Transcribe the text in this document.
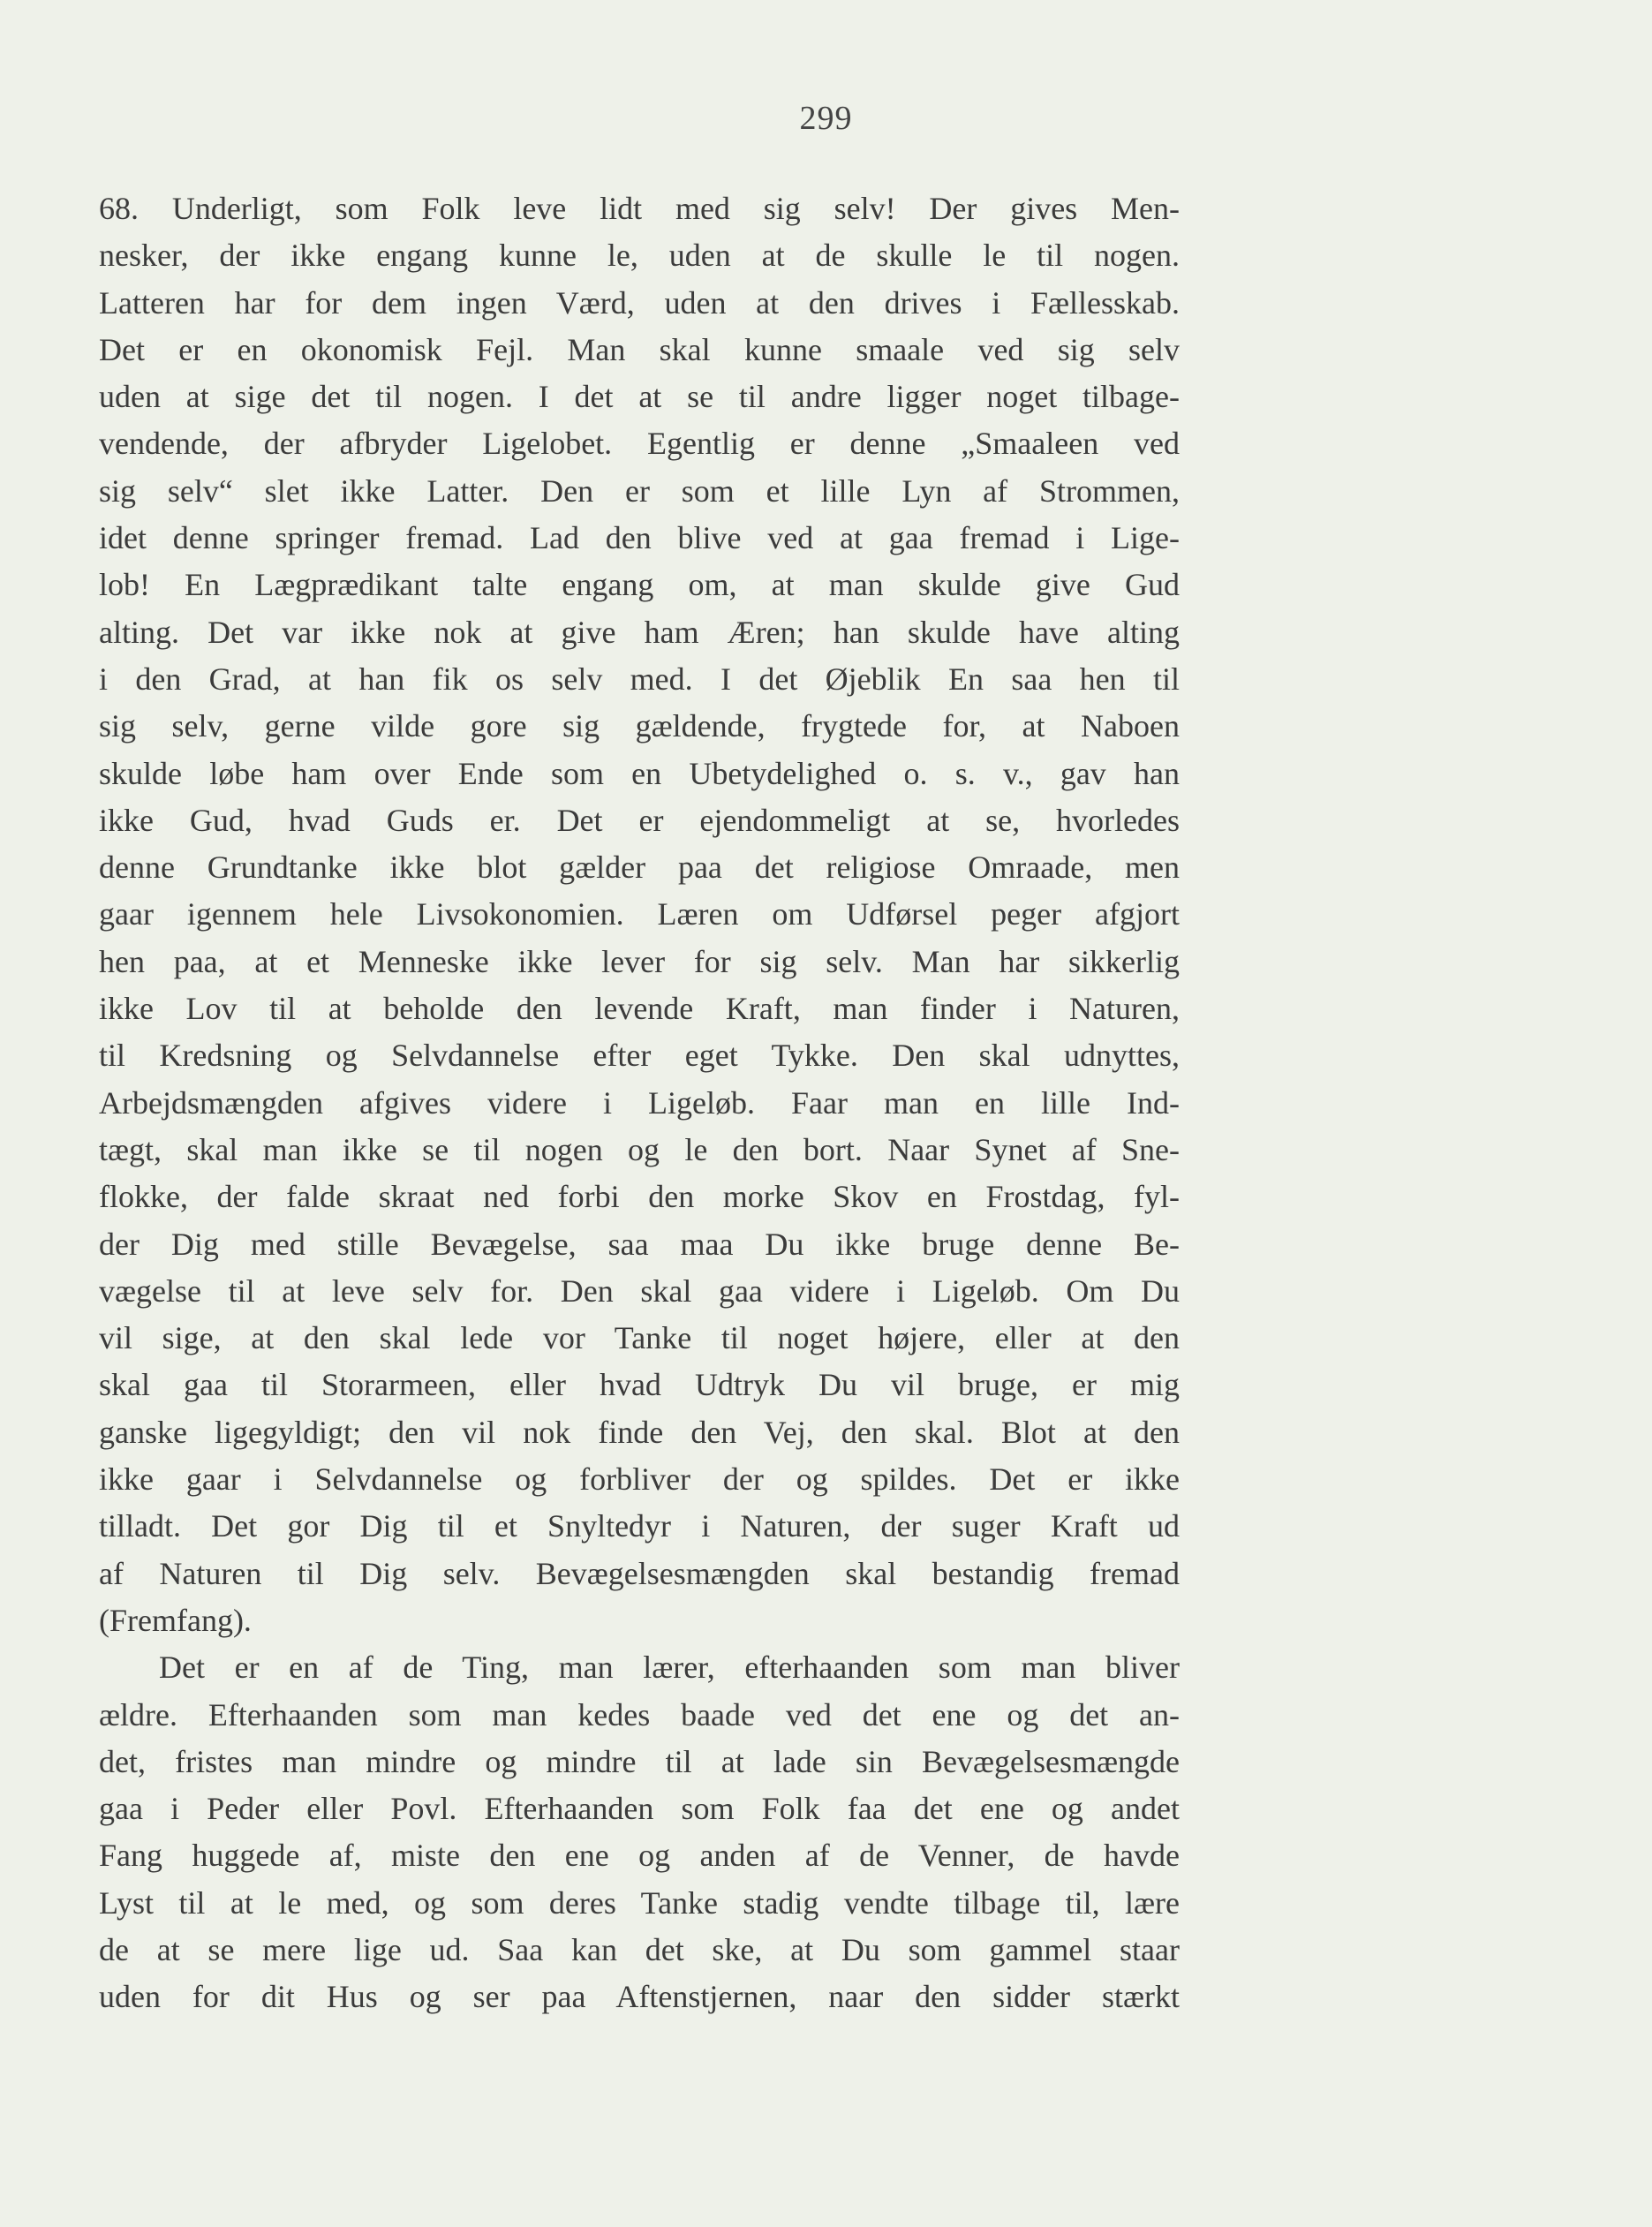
299
68. Underligt, som Folk leve lidt med sig selv! Der gives Men-
nesker, der ikke engang kunne le, uden at de skulle le til nogen.
Latteren har for dem ingen Værd, uden at den drives i Fællesskab.
Det er en okonomisk Fejl. Man skal kunne smaale ved sig selv
uden at sige det til nogen. I det at se til andre ligger noget tilbage-
vendende, der afbryder Ligelobet. Egentlig er denne „Smaaleen ved
sig selv“ slet ikke Latter. Den er som et lille Lyn af Strommen,
idet denne springer fremad. Lad den blive ved at gaa fremad i Lige-
lob! En Lægprædikant talte engang om, at man skulde give Gud
alting. Det var ikke nok at give ham Æren; han skulde have alting
i den Grad, at han fik os selv med. I det Øjeblik En saa hen til
sig selv, gerne vilde gore sig gældende, frygtede for, at Naboen
skulde løbe ham over Ende som en Ubetydelighed o. s. v., gav han
ikke Gud, hvad Guds er. Det er ejendommeligt at se, hvorledes
denne Grundtanke ikke blot gælder paa det religiose Omraade, men
gaar igennem hele Livsokonomien. Læren om Udførsel peger afgjort
hen paa, at et Menneske ikke lever for sig selv. Man har sikkerlig
ikke Lov til at beholde den levende Kraft, man finder i Naturen,
til Kredsning og Selvdannelse efter eget Tykke. Den skal udnyttes,
Arbejdsmængden afgives videre i Ligeløb. Faar man en lille Ind-
tægt, skal man ikke se til nogen og le den bort. Naar Synet af Sne-
flokke, der falde skraat ned forbi den morke Skov en Frostdag, fyl-
der Dig med stille Bevægelse, saa maa Du ikke bruge denne Be-
vægelse til at leve selv for. Den skal gaa videre i Ligeløb. Om Du
vil sige, at den skal lede vor Tanke til noget højere, eller at den
skal gaa til Storarmeen, eller hvad Udtryk Du vil bruge, er mig
ganske ligegyldigt; den vil nok finde den Vej, den skal. Blot at den
ikke gaar i Selvdannelse og forbliver der og spildes. Det er ikke
tilladt. Det gor Dig til et Snyltedyr i Naturen, der suger Kraft ud
af Naturen til Dig selv. Bevægelsesmængden skal bestandig fremad
(Fremfang).
Det er en af de Ting, man lærer, efterhaanden som man bliver
ældre. Efterhaanden som man kedes baade ved det ene og det an-
det, fristes man mindre og mindre til at lade sin Bevægelsesmængde
gaa i Peder eller Povl. Efterhaanden som Folk faa det ene og andet
Fang huggede af, miste den ene og anden af de Venner, de havde
Lyst til at le med, og som deres Tanke stadig vendte tilbage til, lære
de at se mere lige ud. Saa kan det ske, at Du som gammel staar
uden for dit Hus og ser paa Aftenstjernen, naar den sidder stærkt
